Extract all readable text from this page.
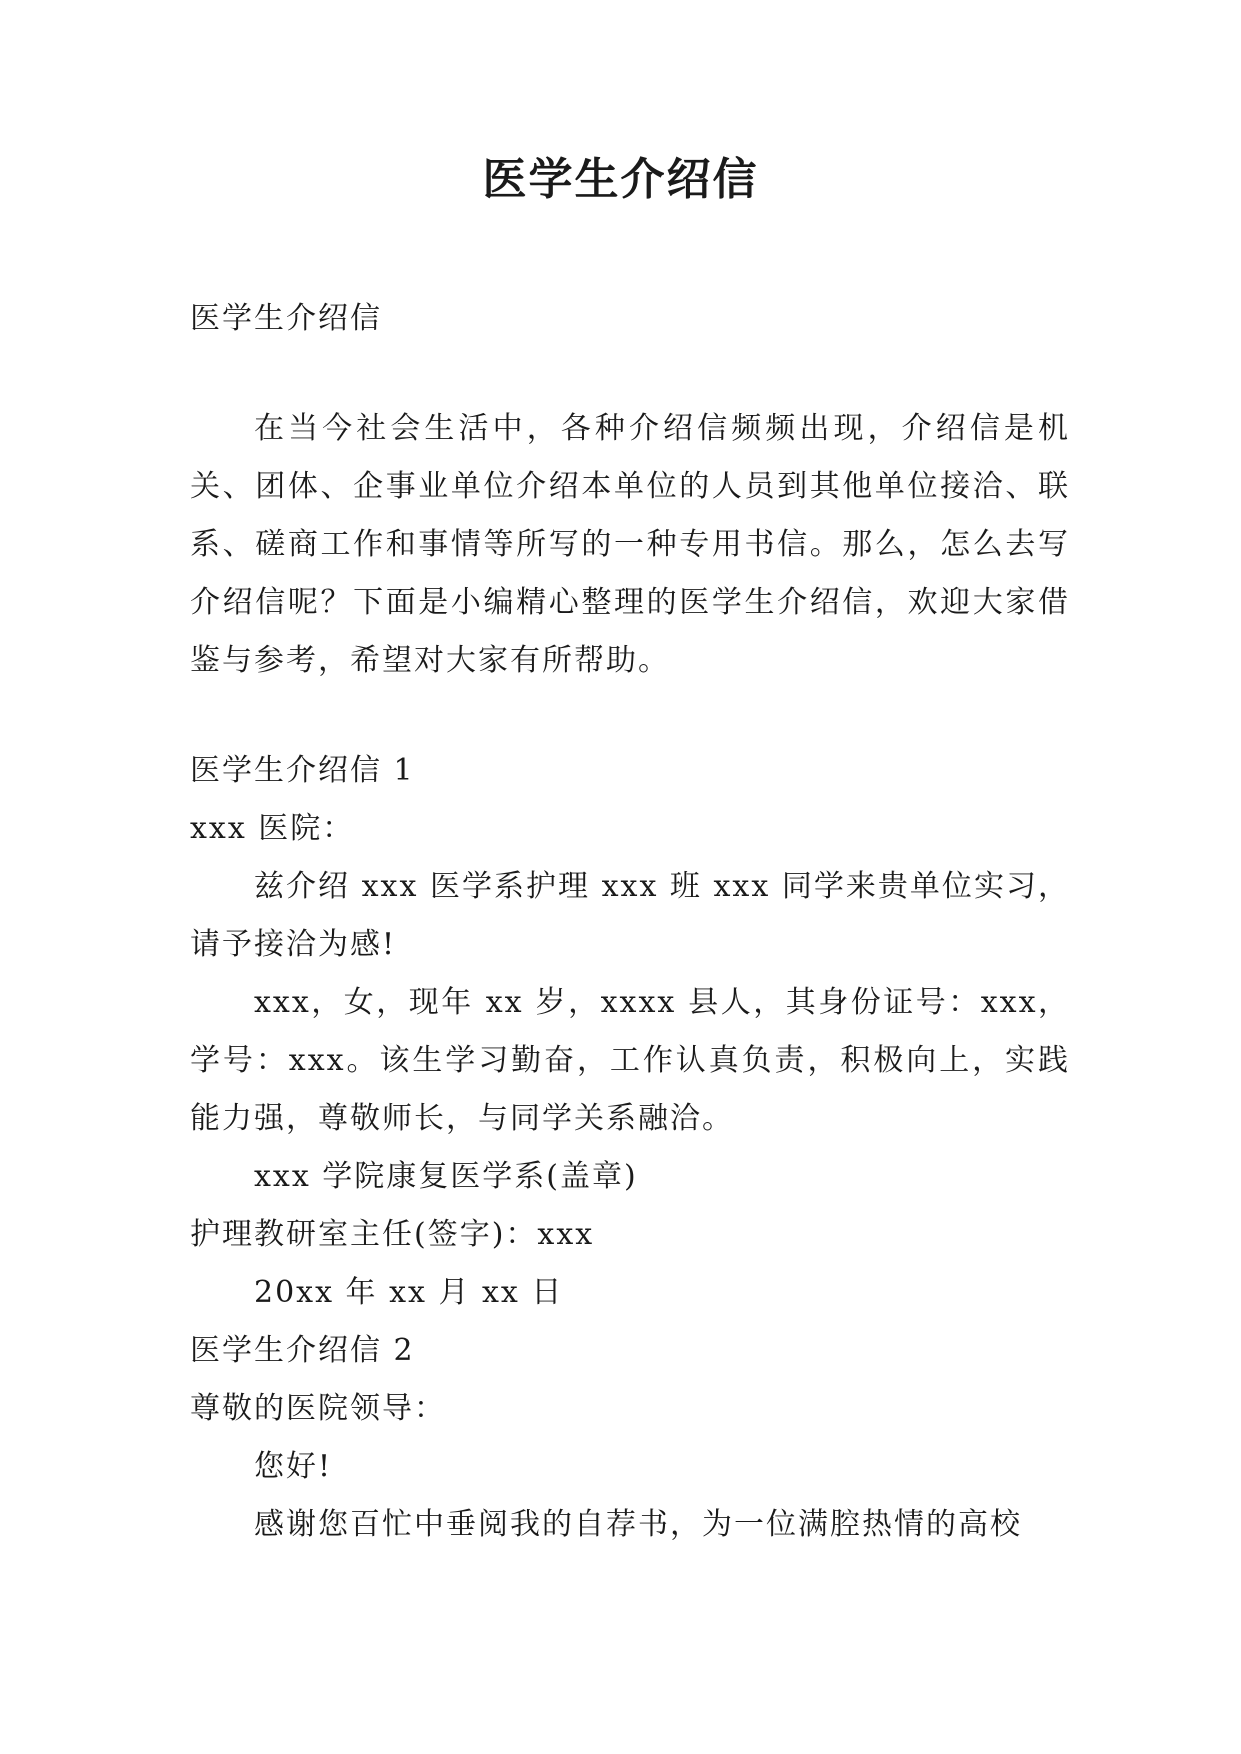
医学生介绍信

医学生介绍信

在当今社会生活中，各种介绍信频频出现，介绍信是机关、团体、企事业单位介绍本单位的人员到其他单位接洽、联系、磋商工作和事情等所写的一种专用书信。那么，怎么去写介绍信呢？下面是小编精心整理的医学生介绍信，欢迎大家借鉴与参考，希望对大家有所帮助。

医学生介绍信 1

xxx 医院：

兹介绍 xxx 医学系护理 xxx 班 xxx 同学来贵单位实习，请予接洽为感!

xxx，女，现年 xx 岁，xxxx 县人，其身份证号：xxx，学号：xxx。该生学习勤奋，工作认真负责，积极向上，实践能力强，尊敬师长，与同学关系融洽。

xxx 学院康复医学系(盖章)

护理教研室主任(签字)：xxx

20xx 年 xx 月 xx 日

医学生介绍信 2

尊敬的医院领导：

您好!

感谢您百忙中垂阅我的自荐书，为一位满腔热情的高校
